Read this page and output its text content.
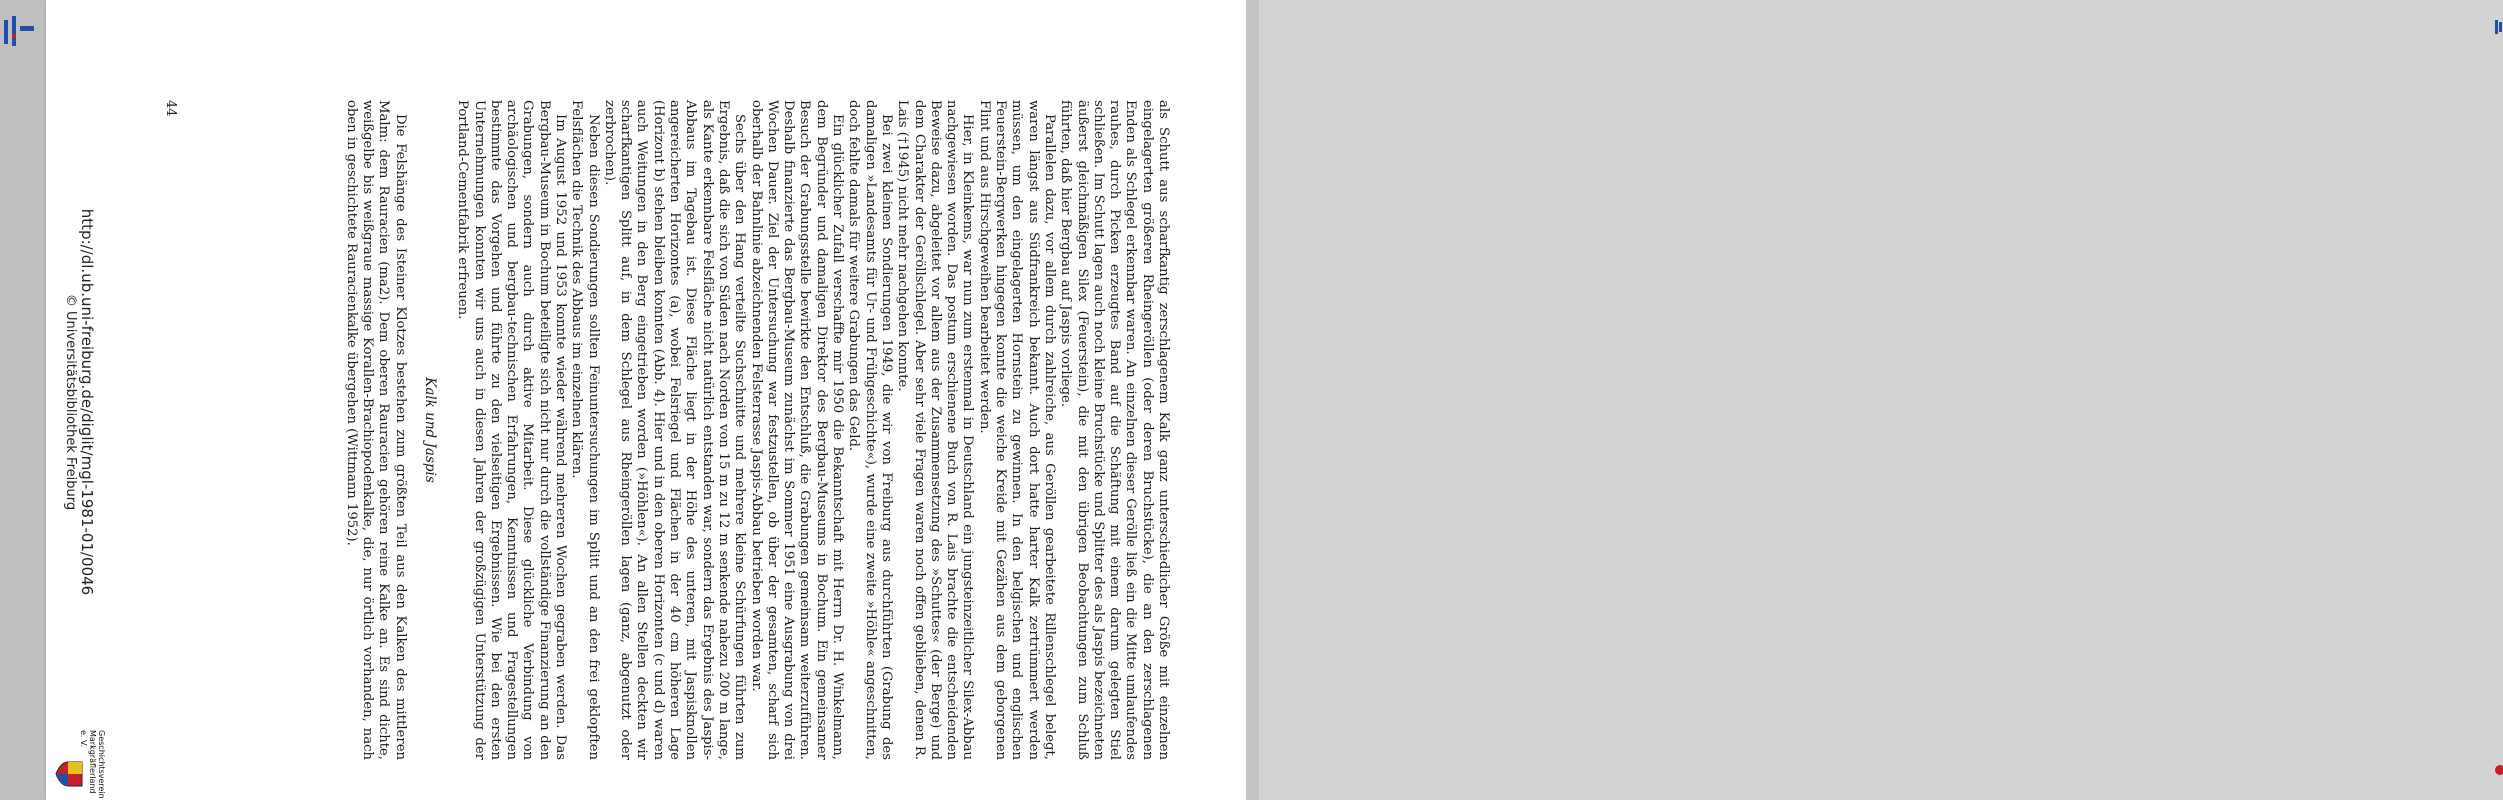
als Schutt aus scharfkantig zerschlagenem Kalk ganz unterschiedlicher Größe mit einzelnen eingelagerten größeren Rheingeröllen (oder deren Bruchstücke), die an den zerschlagenen Enden als Schlegel erkennbar waren. An einzelnen dieser Gerölle ließ ein die Mitte umlaufendes rauhes, durch Picken erzeugtes Band auf die Schäftung mit einem darum gelegten Stiel schließen. Im Schutt lagen auch noch kleine Bruchstücke und Splitter des als Jaspis bezeichneten äußerst gleichmäßigen Silex (Feuerstein), die mit den übrigen Beobachtungen zum Schluß führten, daß hier Bergbau auf Jaspis vorliege.

Parallelen dazu, vor allem durch zahlreiche, aus Geröllen gearbeitete Rillenschlegel belegt, waren längst aus Südfrankreich bekannt. Auch dort hatte harter Kalk zertrümmert werden müssen, um den eingelagerten Hornstein zu gewinnen. In den belgischen und englischen Feuerstein-Bergwerken hingegen konnte die weiche Kreide mit Gezähen aus dem geborgenen Flint und aus Hirschgeweihen bearbeitet werden.

Hier, in Kleinkems, war nun zum erstenmal in Deutschland ein jungsteinzeitlicher Silex-Abbau nachgewiesen worden. Das postum erschienene Buch von R. Lais brachte die entscheidenden Beweise dazu, abgeleitet vor allem aus der Zusammensetzung des »Schuttes« (der Berge) und dem Charakter der Geröllschlegel. Aber sehr viele Fragen waren noch offen geblieben, denen R. Lais (†1945) nicht mehr nachgehen konnte.

Bei zwei kleinen Sondierungen 1949, die wir von Freiburg aus durchführten (Grabung des damaligen »Landesamts für Ur- und Frühgeschichte«), wurde eine zweite »Höhle« angeschnitten, doch fehlte damals für weitere Grabungen das Geld.

Ein glücklicher Zufall verschaffte mir 1950 die Bekanntschaft mit Herrn Dr. H. Winkelmann, dem Begründer und damaligen Direktor des Bergbau-Museums in Bochum. Ein gemeinsamer Besuch der Grabungsstelle bewirkte den Entschluß, die Grabungen gemeinsam weiterzuführen. Deshalb finanzierte das Bergbau-Museum zunächst im Sommer 1951 eine Ausgrabung von drei Wochen Dauer. Ziel der Untersuchung war festzustellen, ob über der gesamten, scharf sich oberhalb der Bahnlinie abzeichnenden Felsterrasse Jaspis-Abbau betrieben worden war.

Sechs über den Hang verteilte Suchschnitte und mehrere kleine Schürfungen führten zum Ergebnis, daß die sich von Süden nach Norden von 15 m zu 12 m senkende nahezu 200 m lange, als Kante erkennbare Felsfläche nicht natürlich entstanden war, sondern das Ergebnis des Jaspis-Abbaus im Tagebau ist. Diese Fläche liegt in der Höhe des unteren, mit Jaspisknollen angereicherten Horizontes (a), wobei Felsriegel und Flächen in der 40 cm höheren Lage (Horizont b) stehen bleiben konnten (Abb. 4). Hier und in den oberen Horizonten (c und d) waren auch Weitungen in den Berg eingetrieben worden (»Höhlen«). An allen Stellen deckten wir scharfkantigen Splitt auf, in dem Schlegel aus Rheingeröllen lagen (ganz, abgenutzt oder zerbrochen).

Neben diesen Sondierungen sollten Feinuntersuchungen im Splitt und an den frei geklopften Felsflächen die Technik des Abbaus im einzelnen klären.

Im August 1952 und 1953 konnte wieder während mehreren Wochen gegraben werden. Das Bergbau-Museum in Bochum beteiligte sich nicht nur durch die vollständige Finanzierung an den Grabungen, sondern auch durch aktive Mitarbeit. Diese glückliche Verbindung von archäologischen und bergbau-technischen Erfahrungen, Kenntnissen und Fragestellungen bestimmte das Vorgehen und führte zu den vielseitigen Ergebnissen. Wie bei den ersten Unternehmungen konnten wir uns auch in diesen Jahren der großzügigen Unterstützung der Portland-Cementfabrik erfreuen.

Kalk und Jaspis

Die Felshänge des Isteiner Klotzes bestehen zum größten Teil aus den Kalken des mittleren Malm: dem Rauracien (ma2). Dem oberen Rauracien gehören reine Kalke an. Es sind dichte, weißgelbe bis weißgraue massige Korallen-Brachiopodenkalke, die, nur örtlich vorhanden, nach oben in geschichtete Rauracienkalke übergehen (Wittmann 1952).

44
http://dl.ub.uni-freiburg.de/diglit/mgl-1981-01/0046
© Universitätsbibliothek Freiburg
Geschichtsverein Markgräflerland e. V.
